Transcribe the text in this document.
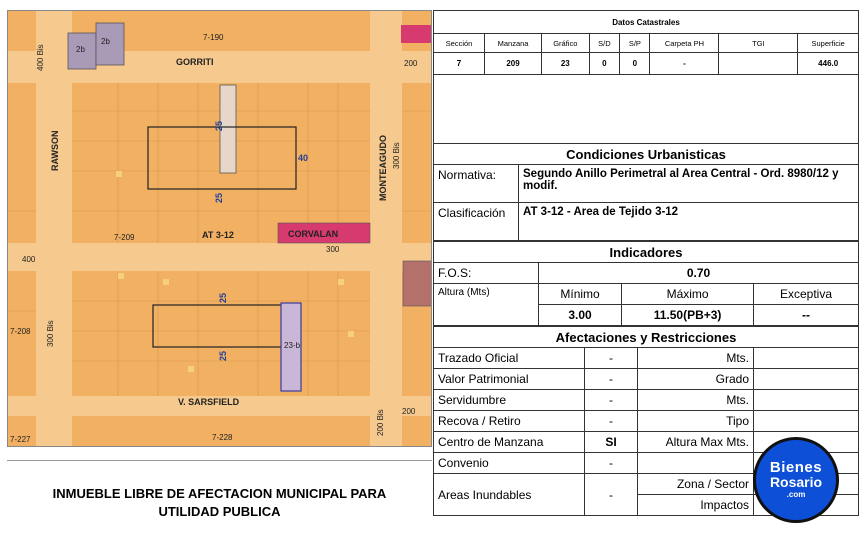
2b
2b	7-190
400 Bis	200
GORRITI
RAWSON	MONTEAGUDO 300 Bis
25
40
25
7-209	AT 3-12	CORVALAN
300
400
7-208 300 Bis
25
25
23-b
V. SARSFIELD
200
200 Bis
7-227	7-228
INMUEBLE LIBRE DE AFECTACION MUNICIPAL PARA UTILIDAD PUBLICA
Datos Catastrales							
Sección	Manzana	Gráfico	S/D	S/P	Carpeta PH	TGI	Superficie
7	209	23	0	0	-		446.0
Condiciones Urbanisticas	
Normativa:	Segundo Anillo Perimetral al Area Central - Ord. 8980/12 y modif.
Clasificación	AT 3-12 - Area de Tejido 3-12
Indicadores			
F.O.S:	0.70		
Altura (Mts)	Mínimo	Máximo	Exceptiva
	3.00	11.50(PB+3)	--
Afectaciones y Restricciones			
Trazado Oficial	-	Mts.	
Valor Patrimonial	-	Grado	
Servidumbre	-	Mts.	
Recova / Retiro	-	Tipo	
Centro de Manzana	SI	Altura Max Mts.	
Convenio	-		
Areas Inundables	-	Zona / Sector	
		Impactos	
Bienes
Rosario
.com
